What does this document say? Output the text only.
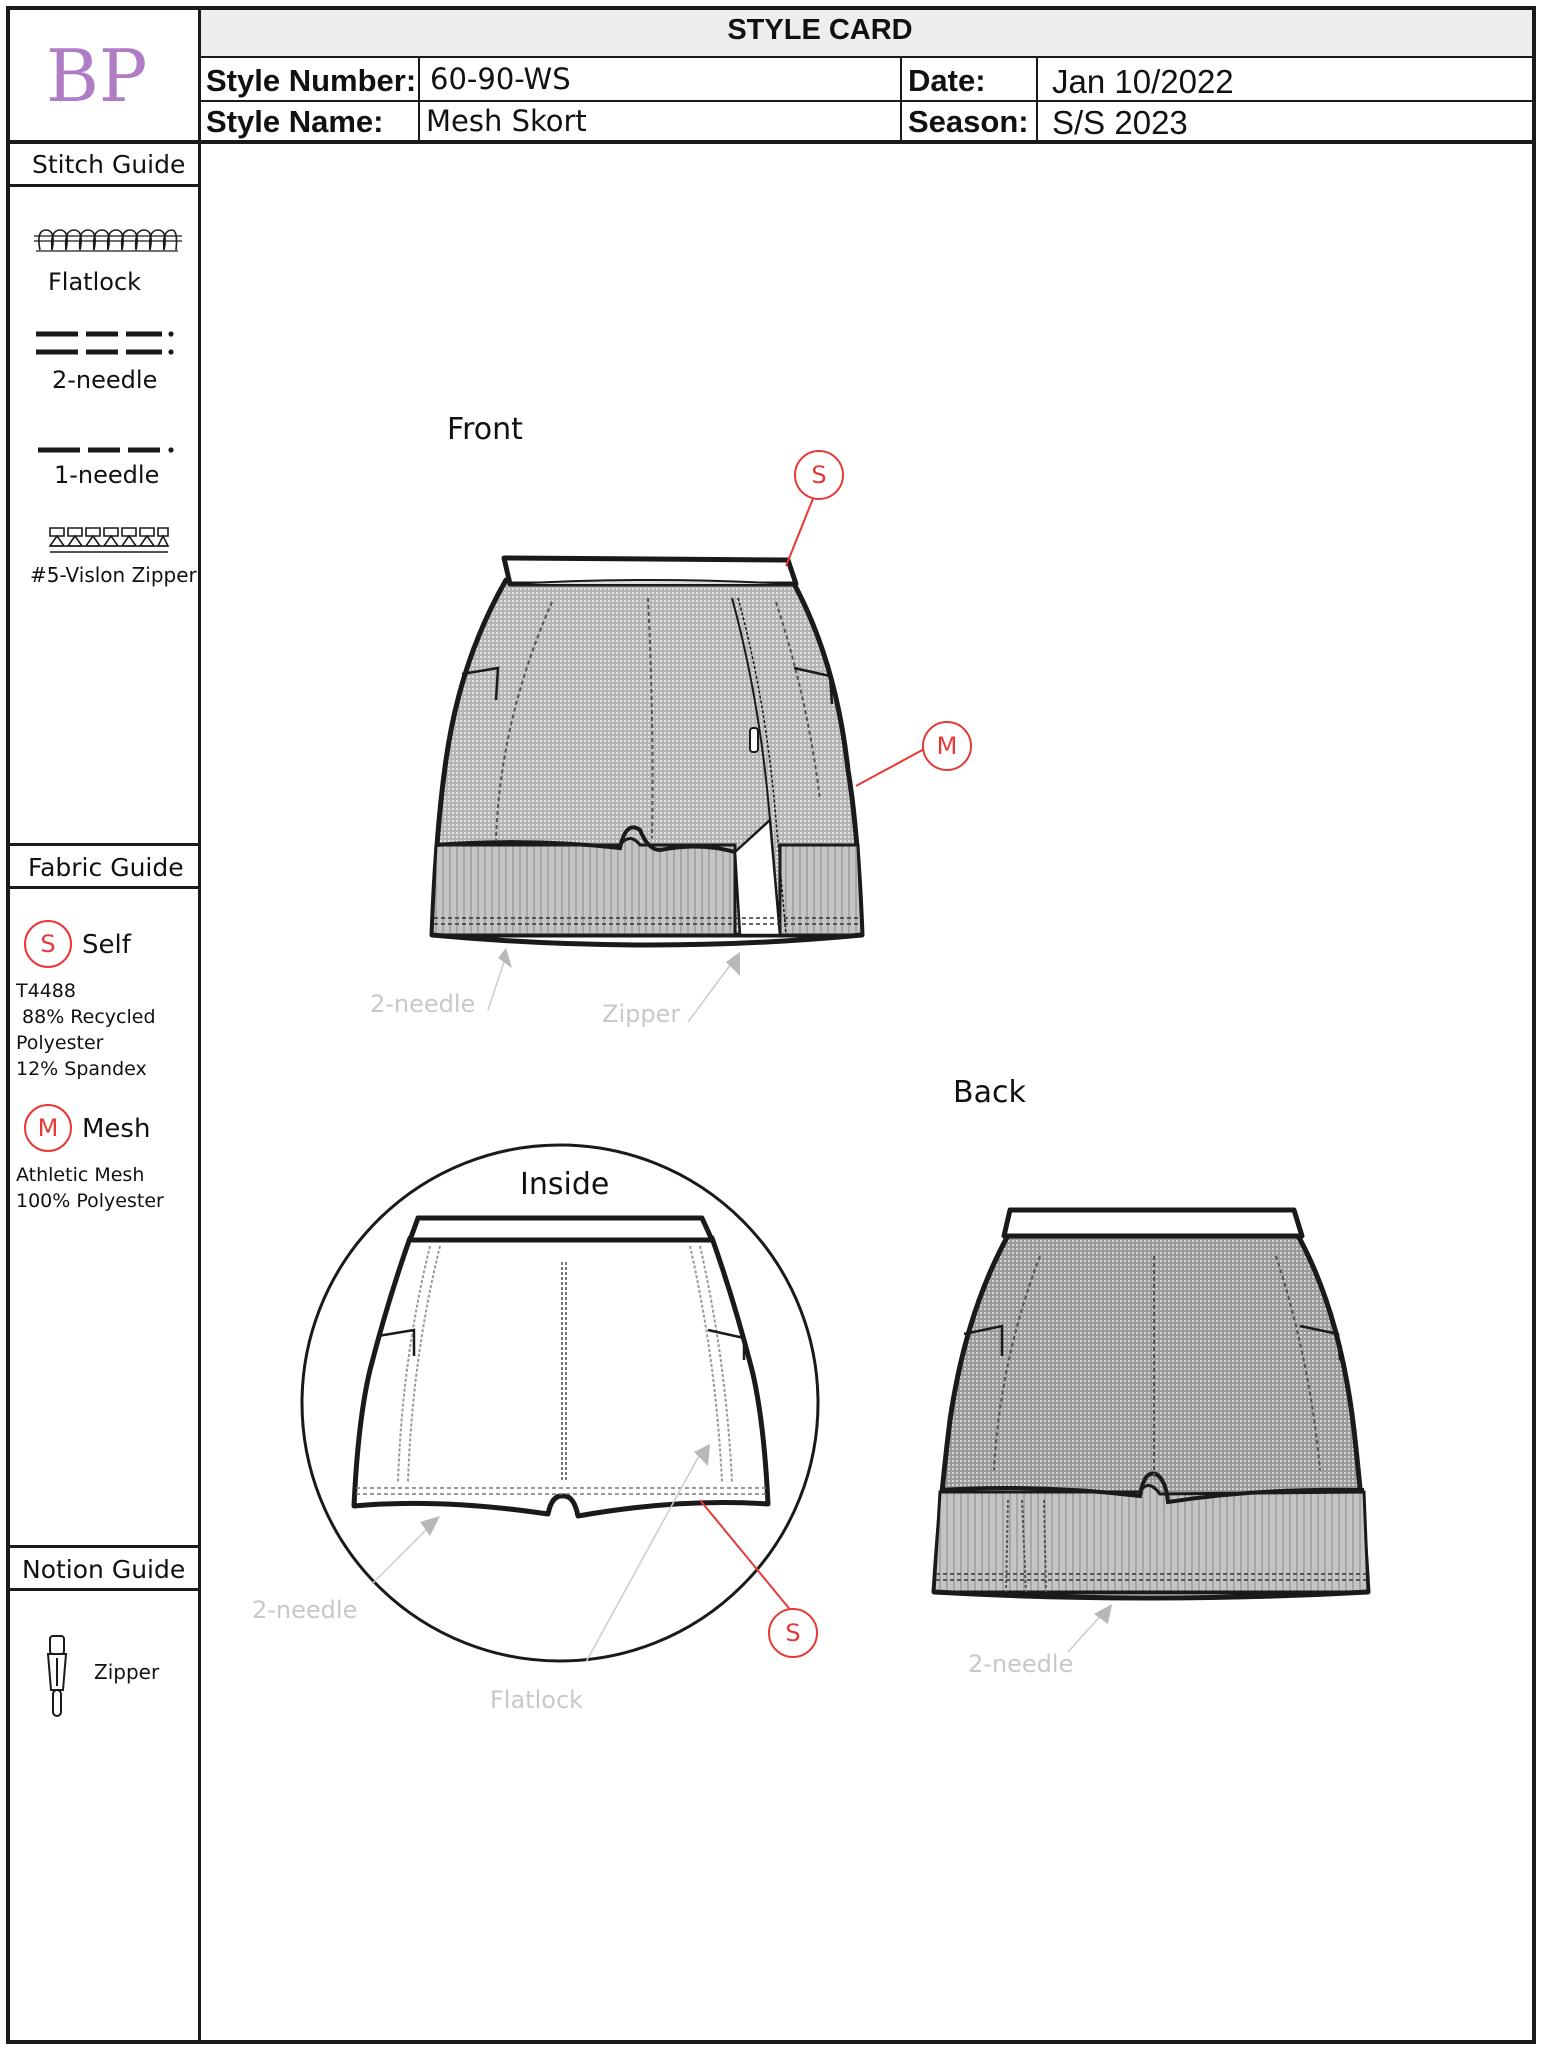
BP
STYLE CARD
Style Number: 60-90-WS	Date: Jan 10/2022
Style Name: Mesh Skort	Season: S/S 2023
Stitch Guide
Flatlock
2-needle
1-needle
#5-Vislon Zipper
Fabric Guide
S	Self
T4488
88% Recycled
Polyester
12% Spandex
M Mesh
Athletic Mesh
100% Polyester
Notion Guide
Zipper
Front
Inside
Back
S
M
2-needle	Zipper
2-needle
Flatlock
S
2-needle
